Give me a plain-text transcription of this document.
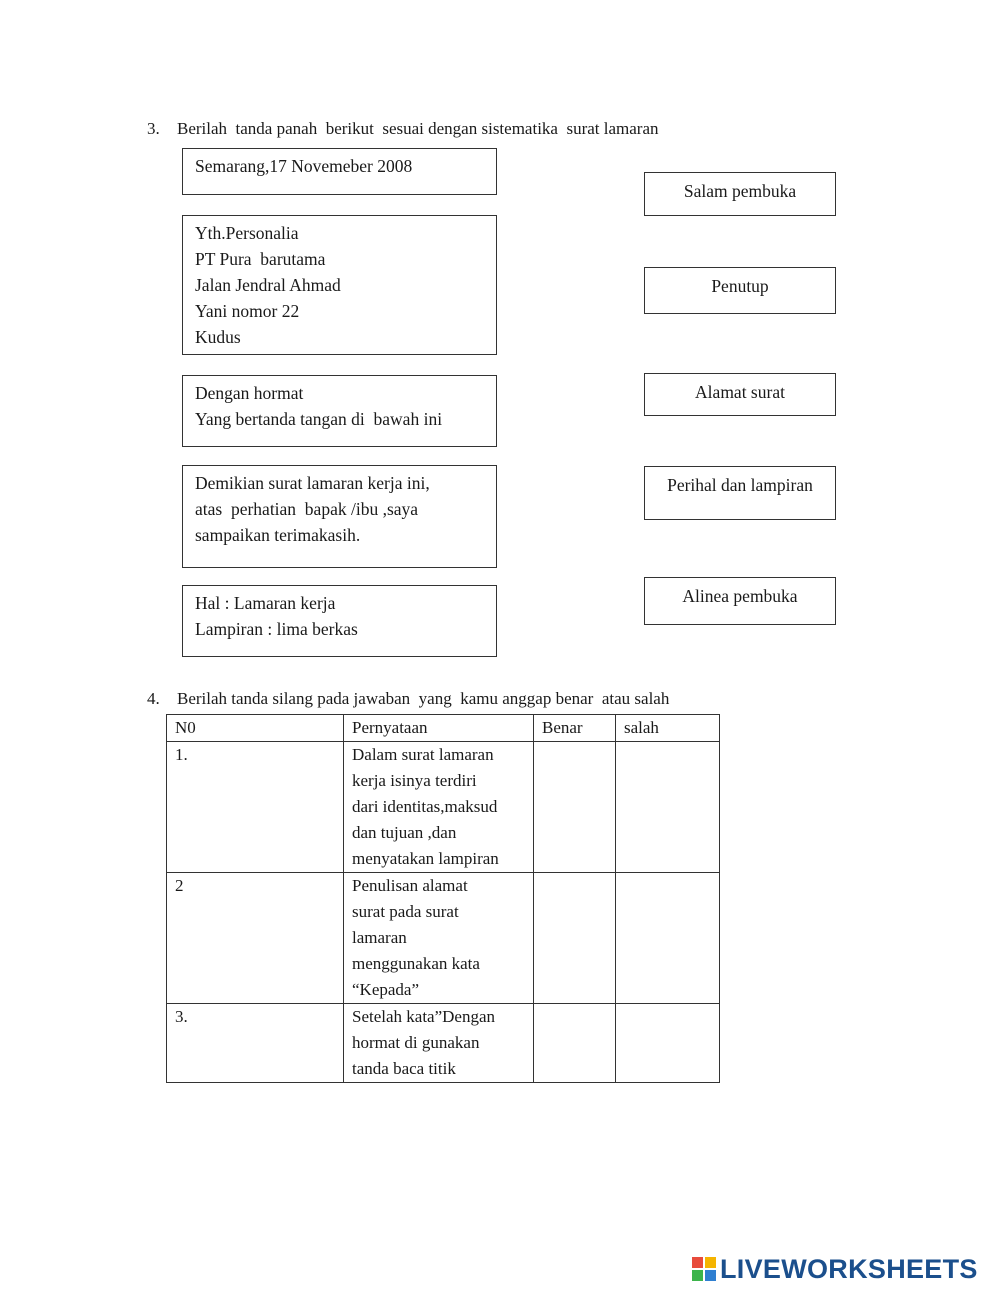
3. Berilah  tanda panah  berikut  sesuai dengan sistematika  surat lamaran
Semarang,17 Novemeber 2008
Yth.Personalia
PT Pura  barutama
Jalan Jendral Ahmad
Yani nomor 22
Kudus
Dengan hormat
Yang bertanda tangan di  bawah ini
Demikian surat lamaran kerja ini,
atas  perhatian  bapak /ibu ,saya
sampaikan terimakasih.
Hal : Lamaran kerja
Lampiran : lima berkas
Salam pembuka
Penutup
Alamat surat
Perihal dan lampiran
Alinea pembuka
4. Berilah tanda silang pada jawaban  yang  kamu anggap benar  atau salah
N0	Pernyataan	Benar	salah
1.	Dalam surat lamaran
kerja isinya terdiri
dari identitas,maksud
dan tujuan ,dan
menyatakan lampiran		

2	Penulisan alamat
surat pada surat
lamaran
menggunakan kata
“Kepada”		

3.	Setelah kata”Dengan
hormat di gunakan
tanda baca titik		

LIVEWORKSHEETS
